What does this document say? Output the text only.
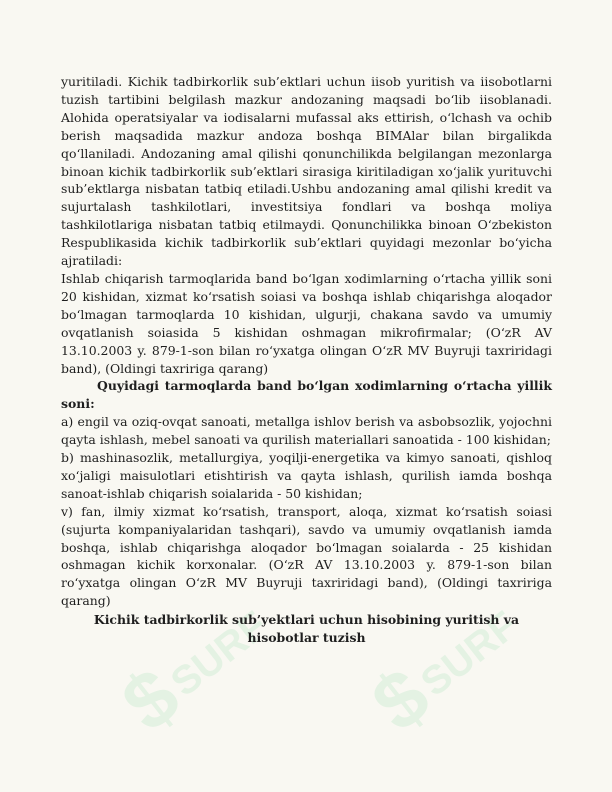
$
SURF $
SURF

yuritiladi. Kichik tadbirkorlik sub’ektlari uchun iisob yuritish va iisobotlarni tuzish tartibini belgilash mazkur andozaning maqsadi bo‘lib iisoblanadi. Alohida operatsiyalar va iodisalarni mufassal aks ettirish, o‘lchash va ochib berish maqsadida mazkur andoza boshqa BIMAlar bilan birgalikda qo‘llaniladi. Andozaning amal qilishi qonunchilikda belgilangan mezonlarga binoan kichik tadbirkorlik sub’ektlari sirasiga kiritiladigan xo‘jalik yurituvchi sub’ektlarga nisbatan tatbiq etiladi.Ushbu andozaning amal qilishi kredit va sujurtalash tashkilotlari, investitsiya fondlari va boshqa moliya tashkilotlariga nisbatan tatbiq etilmaydi. Qonunchilikka binoan O‘zbekiston Respublikasida kichik tadbirkorlik sub’ektlari quyidagi mezonlar bo‘yicha ajratiladi:

Ishlab chiqarish tarmoqlarida band bo‘lgan xodimlarning o‘rtacha yillik soni 20 kishidan, xizmat ko‘rsatish soiasi va boshqa ishlab chiqarishga aloqador bo‘lmagan tarmoqlarda 10 kishidan, ulgurji, chakana savdo va umumiy ovqatlanish soiasida 5 kishidan oshmagan mikrofirmalar; (O‘zR AV 13.10.2003 y. 879-1-son bilan ro‘yxatga olingan O‘zR MV Buyruji taxriridagi band), (Oldingi taxririga qarang)

Quyidagi tarmoqlarda band bo‘lgan xodimlarning o‘rtacha yillik soni:

a) engil va oziq-ovqat sanoati, metallga ishlov berish va asbobsozlik, yojochni qayta ishlash, mebel sanoati va qurilish materiallari sanoatida - 100 kishidan;

b) mashinasozlik, metallurgiya, yoqilji-energetika va kimyo sanoati, qishloq xo‘jaligi maisulotlari etishtirish va qayta ishlash, qurilish iamda boshqa sanoat-ishlab chiqarish soialarida - 50 kishidan;

v) fan, ilmiy xizmat ko‘rsatish, transport, aloqa, xizmat ko‘rsatish soiasi (sujurta kompaniyalaridan tashqari), savdo va umumiy ovqatlanish iamda boshqa, ishlab chiqarishga aloqador bo‘lmagan soialarda - 25 kishidan oshmagan kichik korxonalar. (O‘zR AV 13.10.2003 y. 879-1-son bilan ro‘yxatga olingan O‘zR MV Buyruji taxriridagi band), (Oldingi taxririga qarang)

Kichik tadbirkorlik sub’yektlari uchun hisobining yuritish va hisobotlar tuzish
